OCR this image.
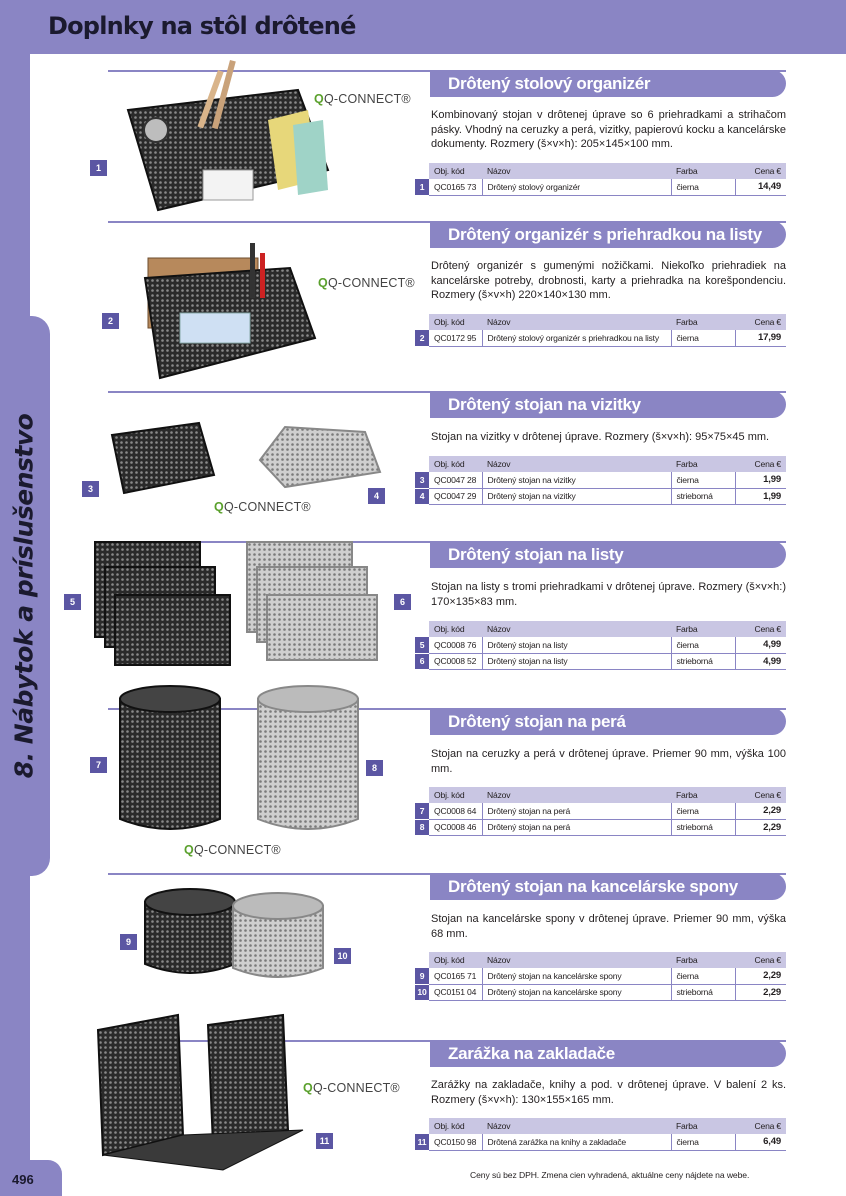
Doplnky na stôl drôtené
8. Nábytok a príslušenstvo
496
Drôtený stolový organizér
Kombinovaný stojan v drôtenej úprave so 6 priehradkami a strihačom pásky. Vhodný na ceruzky a perá, vizitky, papierovú kocku a kancelárske dokumenty. Rozmery (š×v×h): 205×145×100 mm.
	Obj. kód	Názov	Farba	Cena €
1	QC0165 73	Drôtený stolový organizér	čierna	14,49
QQ-CONNECT®
1
Drôtený organizér s priehradkou na listy
Drôtený organizér s gumenými nožičkami. Niekoľko priehradiek na kancelárske potreby, drobnosti, karty a priehradka na korešpondenciu. Rozmery (š×v×h) 220×140×130 mm.
	Obj. kód	Názov	Farba	Cena €
2	QC0172 95	Drôtený stolový organizér s priehradkou na listy	čierna	17,99
QQ-CONNECT®
2
Drôtený stojan na vizitky
Stojan na vizitky v drôtenej úprave. Rozmery (š×v×h): 95×75×45 mm.
	Obj. kód	Názov	Farba	Cena €
3	QC0047 28	Drôtený stojan na vizitky	čierna	1,99
4	QC0047 29	Drôtený stojan na vizitky	strieborná	1,99
QQ-CONNECT®
3
4
Drôtený stojan na listy
Stojan na listy s tromi priehradkami v drôtenej úprave. Rozmery (š×v×h:) 170×135×83 mm.
	Obj. kód	Názov	Farba	Cena €
5	QC0008 76	Drôtený stojan na listy	čierna	4,99
6	QC0008 52	Drôtený stojan na listy	strieborná	4,99
5	6
Drôtený stojan na perá
Stojan na ceruzky a perá v drôtenej úprave. Priemer 90 mm, výška 100 mm.
	Obj. kód	Názov	Farba	Cena €
7	QC0008 64	Drôtený stojan na perá	čierna	2,29
8	QC0008 46	Drôtený stojan na perá	strieborná	2,29
QQ-CONNECT®
7	8
Drôtený stojan na kancelárske spony
Stojan na kancelárske spony v drôtenej úprave. Priemer 90 mm, výška 68 mm.
	Obj. kód	Názov	Farba	Cena €
9	QC0165 71	Drôtený stojan na kancelárske spony	čierna	2,29
10	QC0151 04	Drôtený stojan na kancelárske spony	strieborná	2,29
9
10
Zarážka na zakladače
Zarážky na zakladače, knihy a pod. v drôtenej úprave. V balení 2 ks. Rozmery (š×v×h): 130×155×165 mm.
	Obj. kód	Názov	Farba	Cena €
11	QC0150 98	Drôtená zarážka na knihy a zakladače	čierna	6,49
QQ-CONNECT®
11
Ceny sú bez DPH. Zmena cien vyhradená, aktuálne ceny nájdete na webe.
